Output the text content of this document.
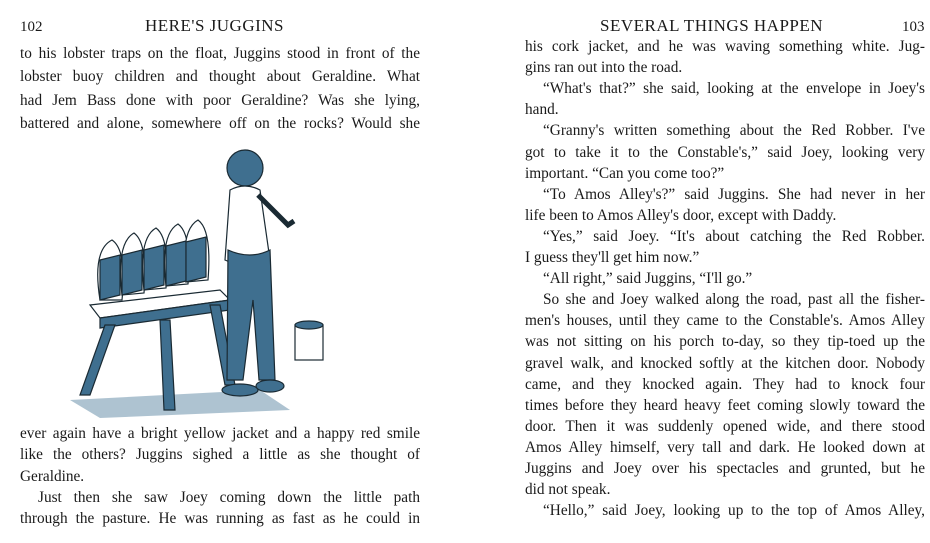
102	HERE'S JUGGINS
to his lobster traps on the float, Juggins stood in front of the
lobster buoy children and thought about Geraldine. What
had Jem Bass done with poor Geraldine? Was she lying,
battered and alone, somewhere off on the rocks? Would she
ever again have a bright yellow jacket and a happy red smile
like the others? Juggins sighed a little as she thought of
Geraldine.
Just then she saw Joey coming down the little path
through the pasture. He was running as fast as he could in
SEVERAL THINGS HAPPEN	103
his cork jacket, and he was waving something white. Jug-
gins ran out into the road.
“What's that?” she said, looking at the envelope in Joey's
hand.
“Granny's written something about the Red Robber. I've
got to take it to the Constable's,” said Joey, looking very
important. “Can you come too?”
“To Amos Alley's?” said Juggins. She had never in her
life been to Amos Alley's door, except with Daddy.
“Yes,” said Joey. “It's about catching the Red Robber.
I guess they'll get him now.”
“All right,” said Juggins, “I'll go.”
So she and Joey walked along the road, past all the fisher-
men's houses, until they came to the Constable's. Amos Alley
was not sitting on his porch to-day, so they tip-toed up the
gravel walk, and knocked softly at the kitchen door. Nobody
came, and they knocked again. They had to knock four
times before they heard heavy feet coming slowly toward the
door. Then it was suddenly opened wide, and there stood
Amos Alley himself, very tall and dark. He looked down at
Juggins and Joey over his spectacles and grunted, but he
did not speak.
“Hello,” said Joey, looking up to the top of Amos Alley,
